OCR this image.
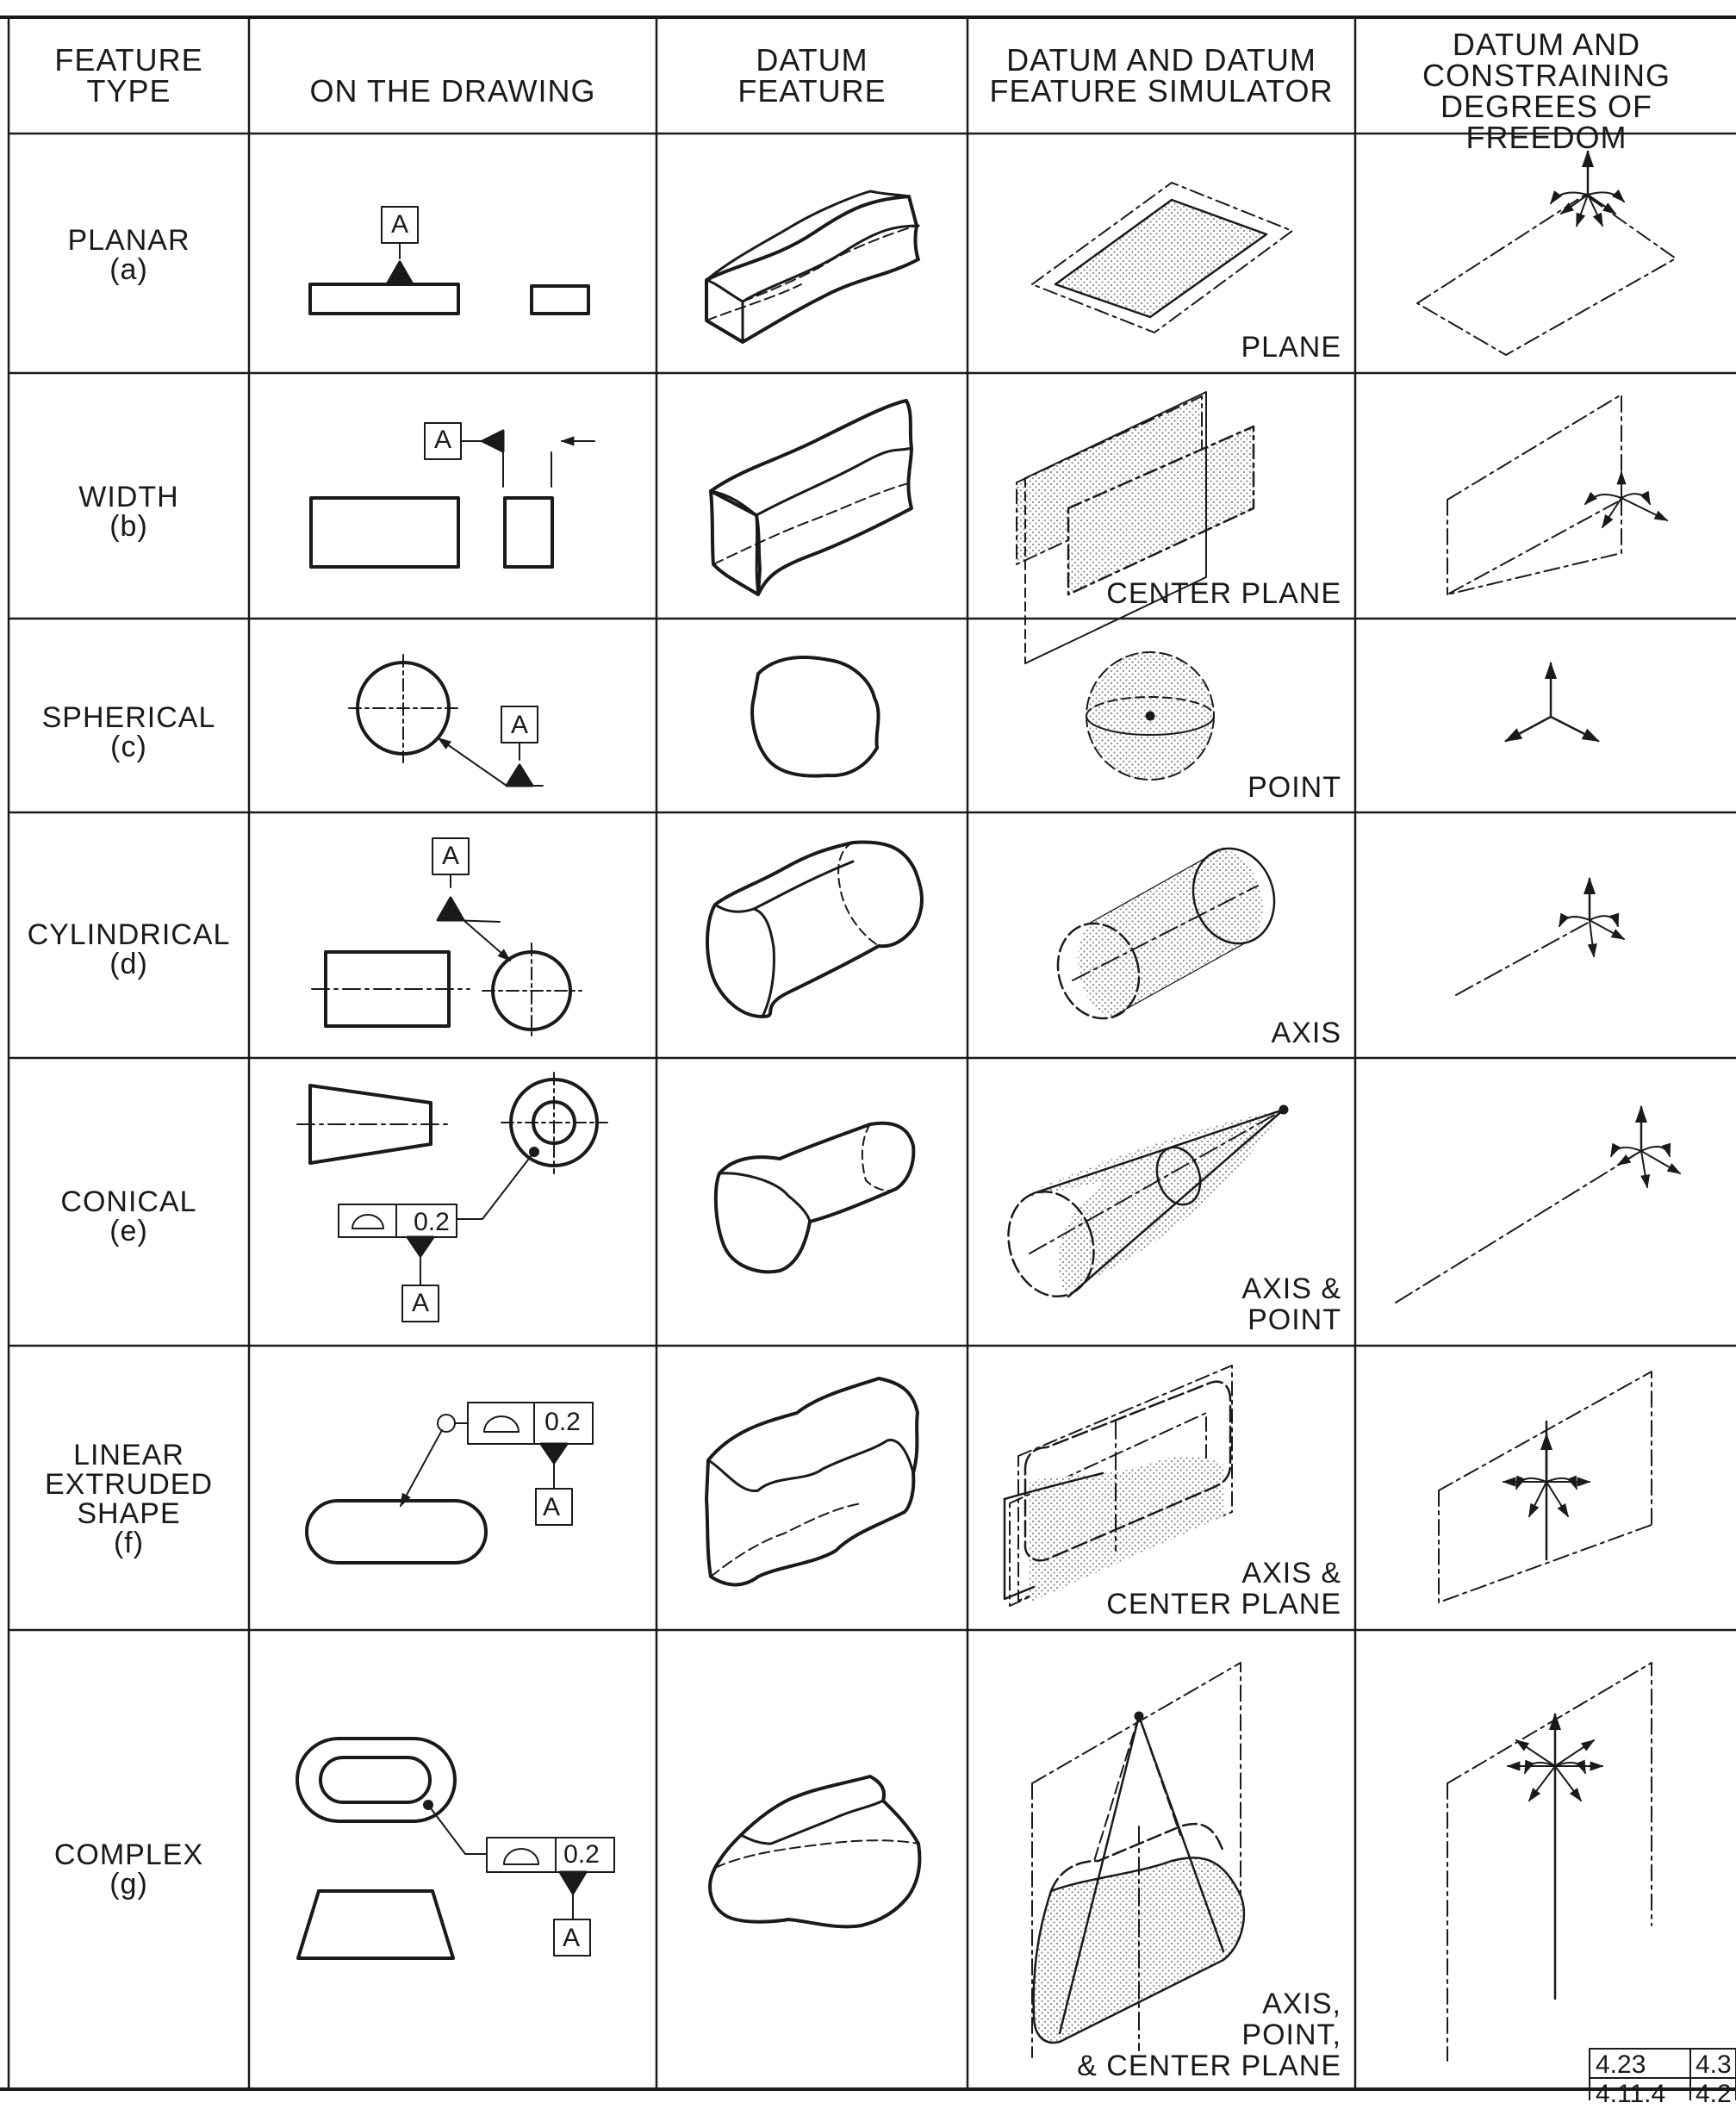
FEATURE
TYPE	ON THE DRAWING
DATUM
FEATURE
DATUM AND DATUM
FEATURE SIMULATOR
DATUM AND
CONSTRAINING
DEGREES OF FREEDOM
PLANAR
(a)
WIDTH
(b)
SPHERICAL
(c)
CYLINDRICAL
(d)
CONICAL
(e)
LINEAR
EXTRUDED
SHAPE
(f)
COMPLEX
(g)
PLANE
CENTER PLANE
POINT
AXIS
AXIS &
POINT
AXIS &
CENTER PLANE
AXIS,
POINT,
& CENTER PLANE
A
A
A
A
0.2
A
0.2
A
0.2
A
4.23 4.3
4.11.4 4.2
